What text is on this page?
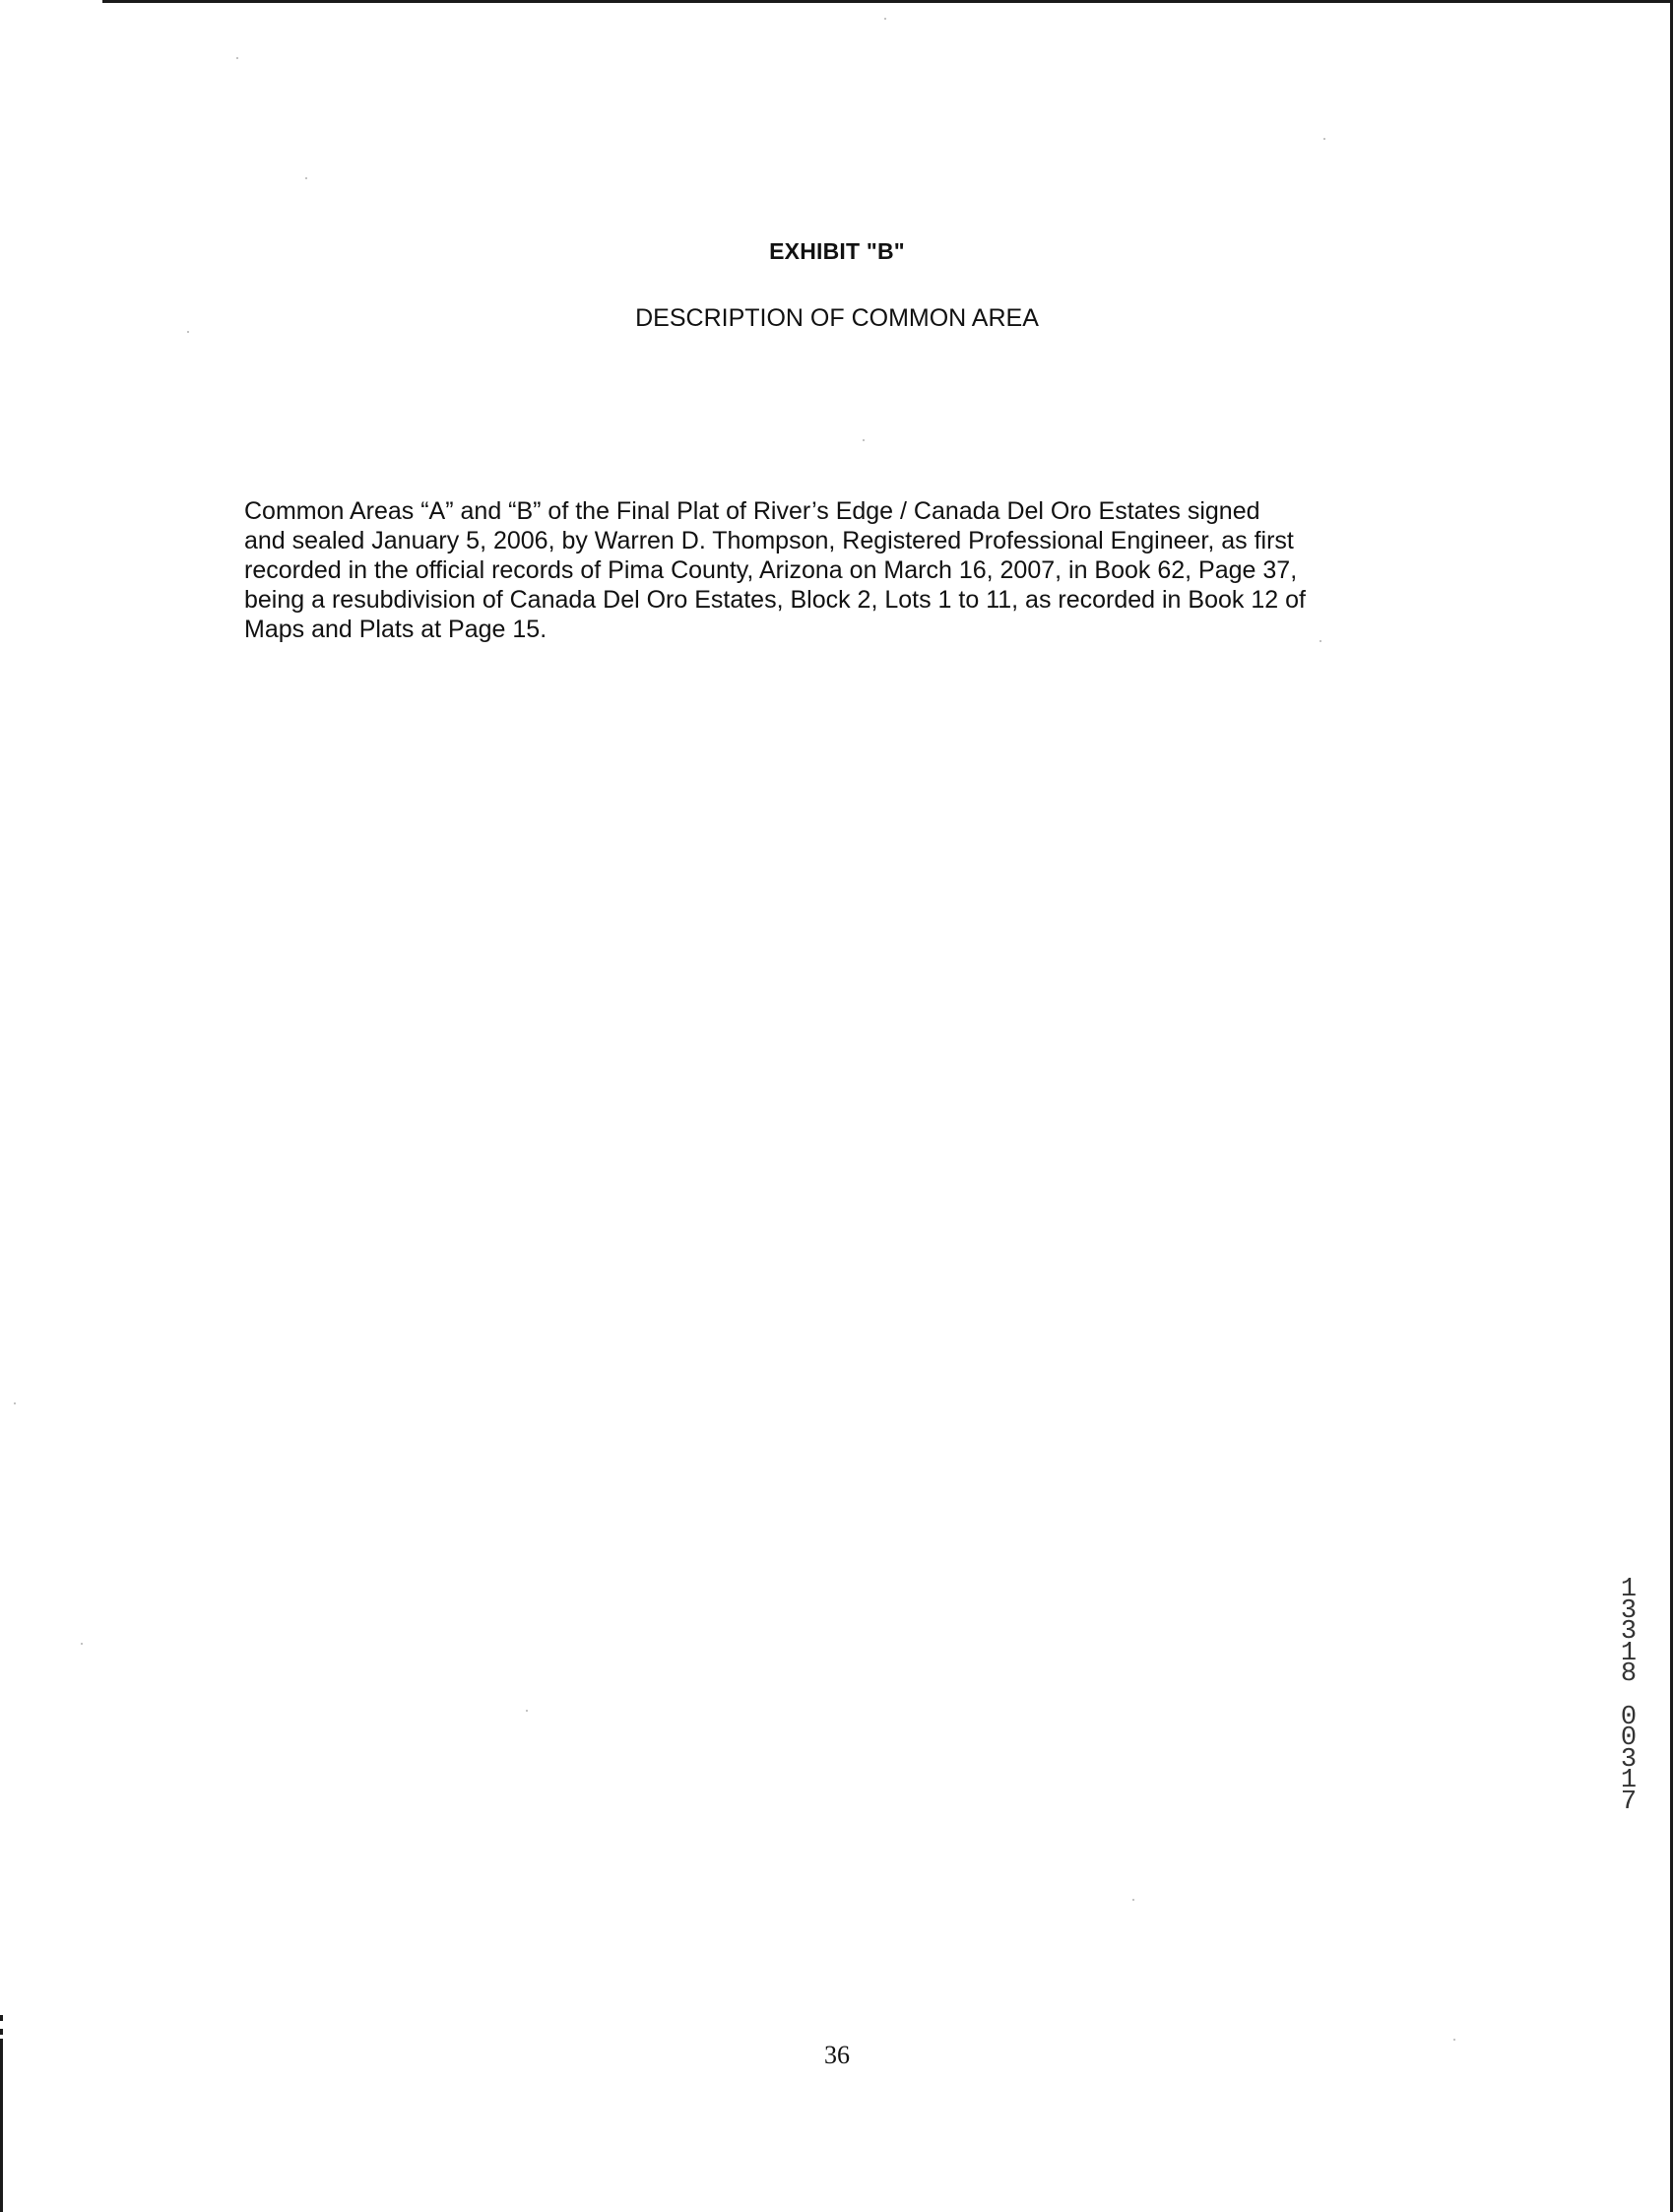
EXHIBIT "B"
DESCRIPTION OF COMMON AREA

Common Areas “A” and “B” of the Final Plat of River’s Edge / Canada Del Oro Estates signed
and sealed January 5, 2006, by Warren D. Thompson, Registered Professional Engineer, as first
recorded in the official records of Pima County, Arizona on March 16, 2007, in Book 62, Page 37,
being a resubdivision of Canada Del Oro Estates, Block 2, Lots 1 to 11, as recorded in Book 12 of
Maps and Plats at Page 15.

1
3
3
1
8

0
0
3
1
7
36
